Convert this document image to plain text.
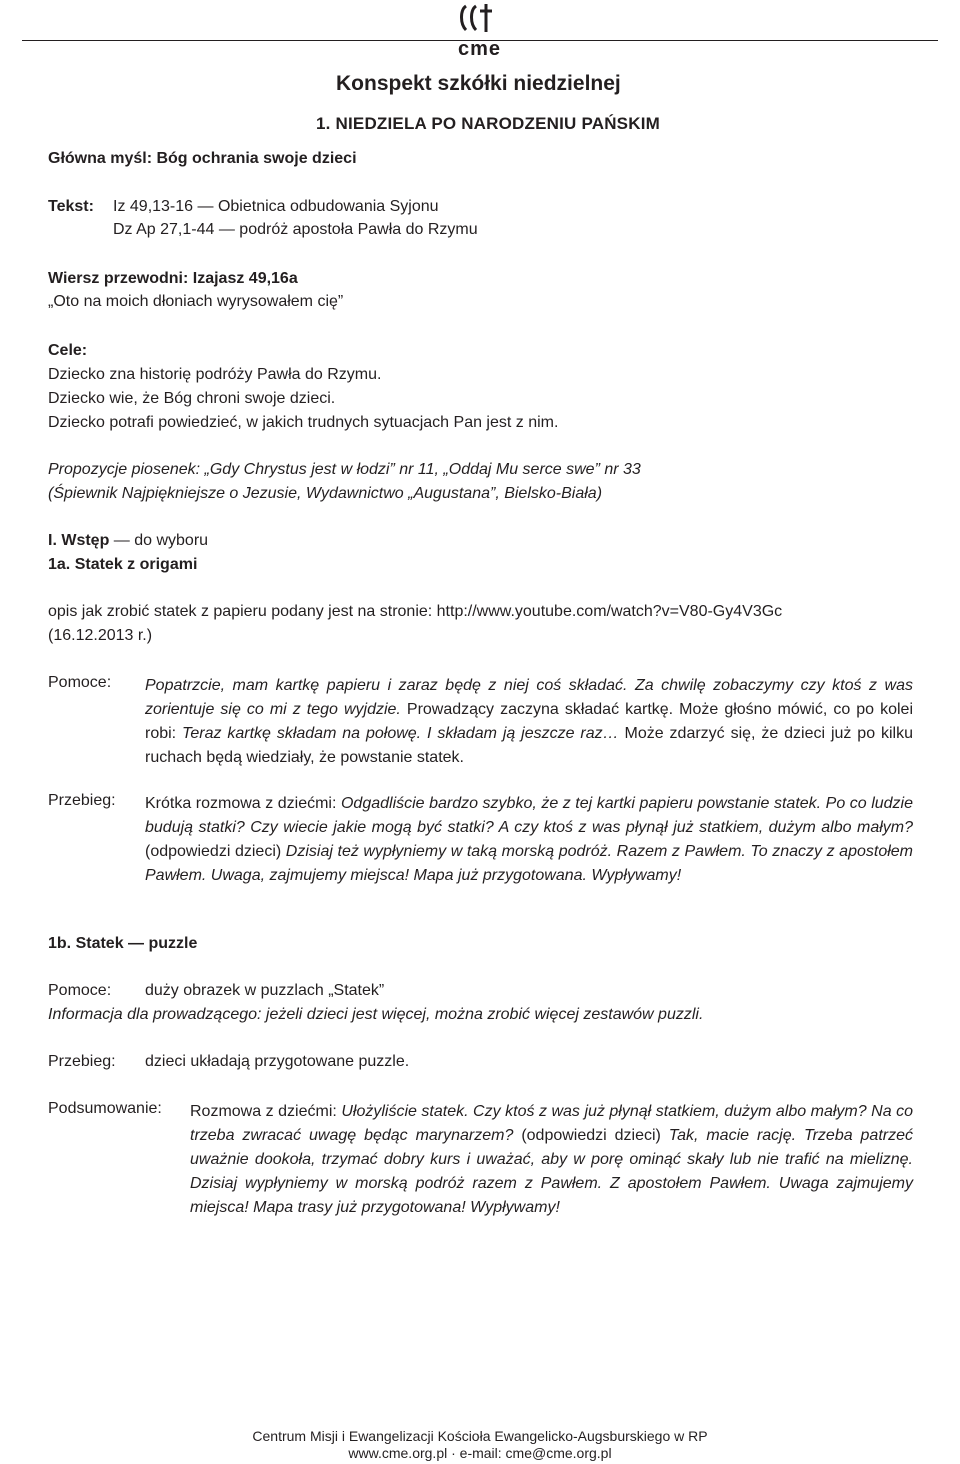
cme
Konspekt szkółki niedzielnej
1. NIEDZIELA PO NARODZENIU PAŃSKIM
Główna myśl: Bóg ochrania swoje dzieci
Tekst: Iz 49,13-16 — Obietnica odbudowania Syjonu
Dz Ap 27,1-44 — podróż apostoła Pawła do Rzymu
Wiersz przewodni: Izajasz 49,16a
„Oto na moich dłoniach wyrysowałem cię”
Cele:
Dziecko zna historię podróży Pawła do Rzymu.
Dziecko wie, że Bóg chroni swoje dzieci.
Dziecko potrafi powiedzieć, w jakich trudnych sytuacjach Pan jest z nim.
Propozycje piosenek: „Gdy Chrystus jest w łodzi” nr 11, „Oddaj Mu serce swe” nr 33
(Śpiewnik Najpiękniejsze o Jezusie, Wydawnictwo „Augustana”, Bielsko-Biała)
I. Wstęp — do wyboru
1a. Statek z origami
opis jak zrobić statek z papieru podany jest na stronie: http://www.youtube.com/watch?v=V80-Gy4V3Gc
(16.12.2013 r.)
Pomoce: Popatrzcie, mam kartkę papieru i zaraz będę z niej coś składać. Za chwilę zobaczymy czy ktoś z was zorientuje się co mi z tego wyjdzie. Prowadzący zaczyna składać kartkę. Może głośno mówić, co po kolei robi: Teraz kartkę składam na połowę. I składam ją jeszcze raz… Może zdarzyć się, że dzieci już po kilku ruchach będą wiedziały, że powstanie statek.
Przebieg: Krótka rozmowa z dziećmi: Odgadliście bardzo szybko, że z tej kartki papieru powstanie statek. Po co ludzie budują statki? Czy wiecie jakie mogą być statki? A czy ktoś z was płynął już statkiem, dużym albo małym? (odpowiedzi dzieci) Dzisiaj też wypłyniemy w taką morską podróż. Razem z Pawłem. To znaczy z apostołem Pawłem. Uwaga, zajmujemy miejsca! Mapa już przygotowana. Wypływamy!
1b. Statek — puzzle
Pomoce: duży obrazek w puzzlach „Statek”
Informacja dla prowadzącego: jeżeli dzieci jest więcej, można zrobić więcej zestawów puzzli.
Przebieg: dzieci układają przygotowane puzzle.
Podsumowanie: Rozmowa z dziećmi: Ułożyliście statek. Czy ktoś z was już płynął statkiem, dużym albo małym? Na co trzeba zwracać uwagę będąc marynarzem? (odpowiedzi dzieci) Tak, macie rację. Trzeba patrzeć uważnie dookoła, trzymać dobry kurs i uważać, aby w porę ominąć skały lub nie trafić na mieliznę. Dzisiaj wypłyniemy w morską podróż razem z Pawłem. Z apostołem Pawłem. Uwaga zajmujemy miejsca! Mapa trasy już przygotowana! Wypływamy!
Centrum Misji i Ewangelizacji Kościoła Ewangelicko-Augsburskiego w RP
www.cme.org.pl · e-mail: cme@cme.org.pl
